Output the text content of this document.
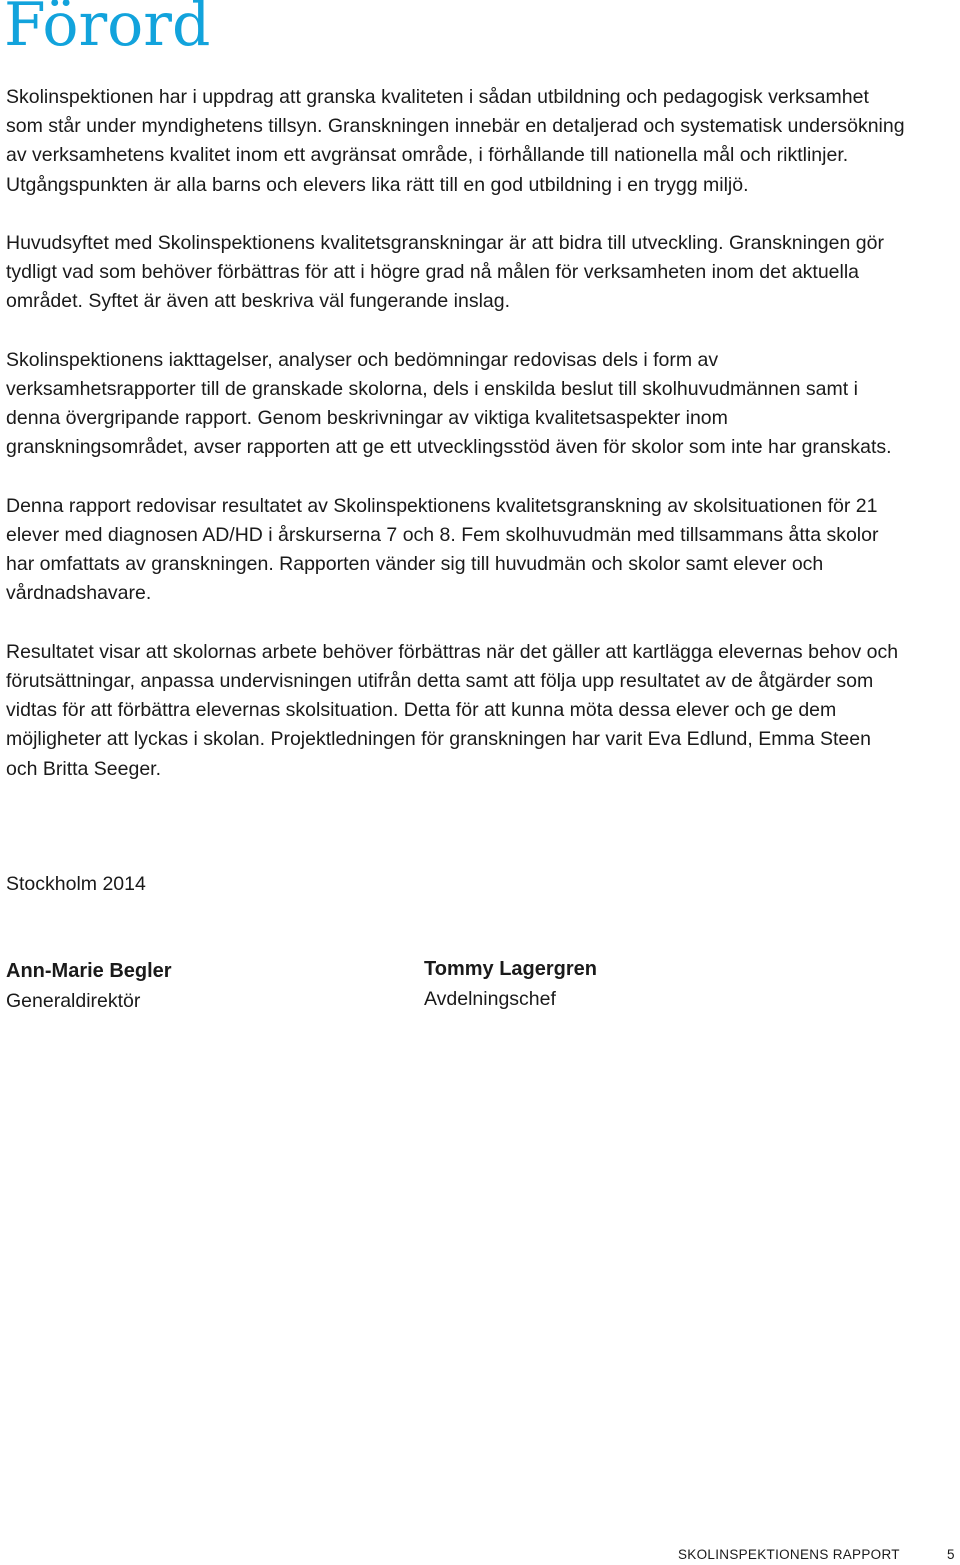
Förord

Skolinspektionen har i uppdrag att granska kvaliteten i sådan utbildning och pedagogisk verksamhet som står under myndighetens tillsyn. Granskningen innebär en detaljerad och systematisk undersökning av verksamhetens kvalitet inom ett avgränsat område, i förhållande till nationella mål och riktlinjer. Utgångspunkten är alla barns och elevers lika rätt till en god utbildning i en trygg miljö.

Huvudsyftet med Skolinspektionens kvalitetsgranskningar är att bidra till utveckling. Granskningen gör tydligt vad som behöver förbättras för att i högre grad nå målen för verksamheten inom det aktuella området. Syftet är även att beskriva väl fungerande inslag.

Skolinspektionens iakttagelser, analyser och bedömningar redovisas dels i form av verksamhetsrapporter till de granskade skolorna, dels i enskilda beslut till skolhuvudmännen samt i denna övergripande rapport. Genom beskrivningar av viktiga kvalitetsaspekter inom granskningsområdet, avser rapporten att ge ett utvecklingsstöd även för skolor som inte har granskats.

Denna rapport redovisar resultatet av Skolinspektionens kvalitetsgranskning av skolsituationen för 21 elever med diagnosen AD/HD i årskurserna 7 och 8. Fem skolhuvudmän med tillsammans åtta skolor har omfattats av granskningen. Rapporten vänder sig till huvudmän och skolor samt elever och vårdnadshavare.

Resultatet visar att skolornas arbete behöver förbättras när det gäller att kartlägga elevernas behov och förutsättningar, anpassa undervisningen utifrån detta samt att följa upp resultatet av de åtgärder som vidtas för att förbättra elevernas skolsituation. Detta för att kunna möta dessa elever och ge dem möjligheter att lyckas i skolan. Projektledningen för granskningen har varit Eva Edlund, Emma Steen och Britta Seeger.

Stockholm 2014

Ann-Marie Begler

Generaldirektör

Tommy Lagergren

Avdelningschef

SKOLINSPEKTIONENS RAPPORT	5
